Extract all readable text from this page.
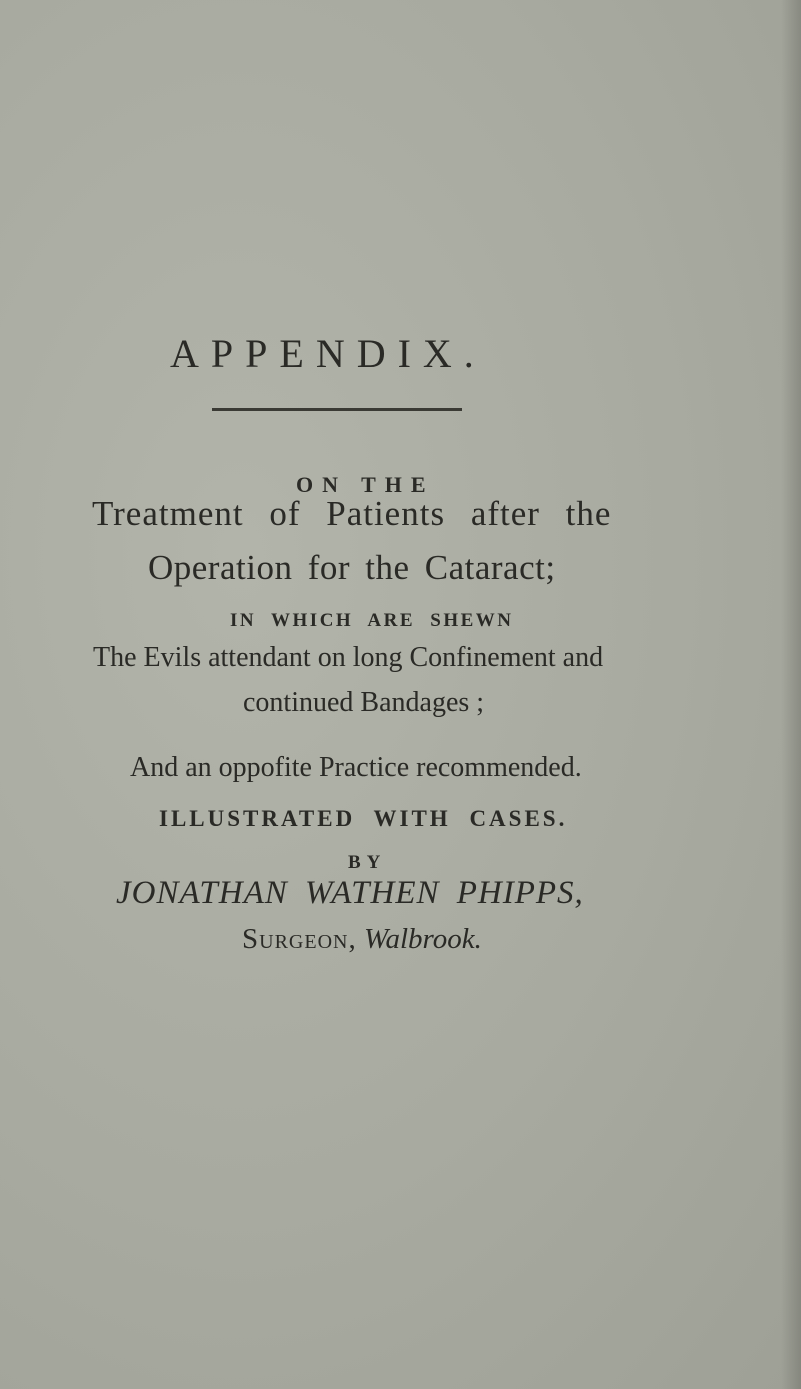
APPENDIX.
ON THE
Treatment of Patients after the
Operation for the Cataract;
IN WHICH ARE SHEWN
The Evils attendant on long Confinement and
continued Bandages ;
And an oppofite Practice recommended.
ILLUSTRATED WITH CASES.
BY
JONATHAN WATHEN PHIPPS,
Surgeon, Walbrook.
